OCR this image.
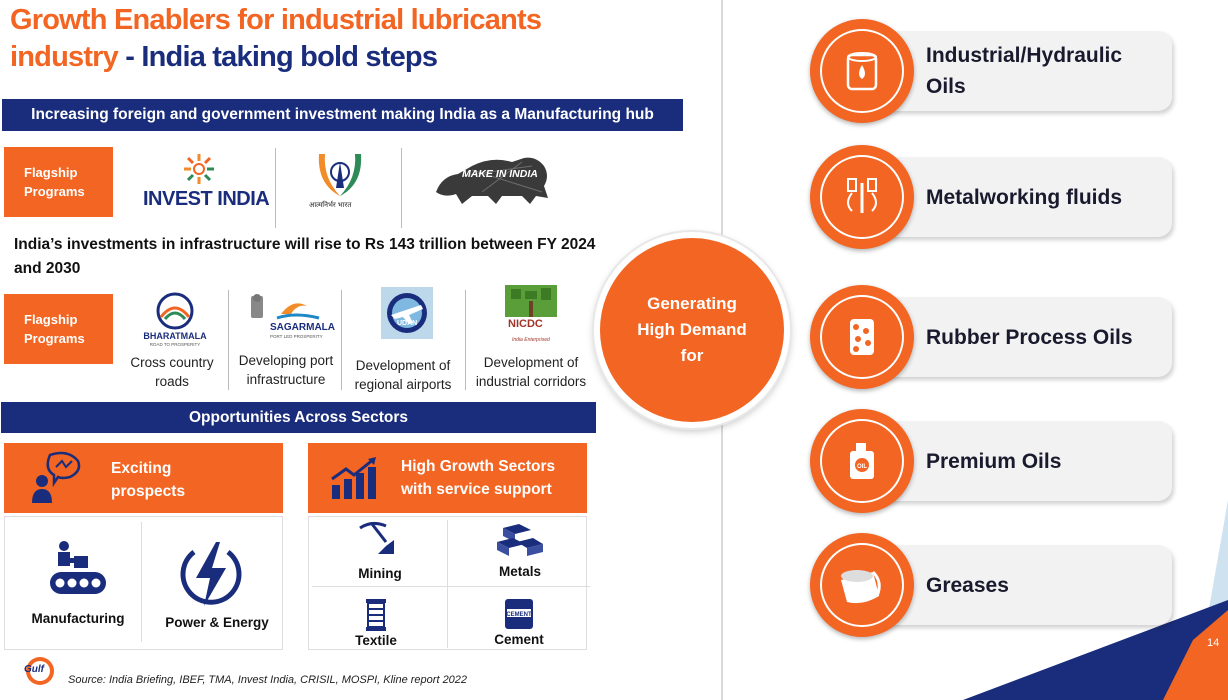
14
Growth Enablers for industrial lubricants
industry - India taking bold steps
Increasing foreign and government investment making India as a Manufacturing hub
Flagship Programs	INVEST INDIA	आत्मनिर्भर भारत
MAKE IN INDIA
India’s investments in infrastructure will rise to Rs 143 trillion between FY 2024 and 2030
Flagship Programs	BHARATMALA
ROAD TO PROSPERITY
Cross country roads
SAGARMALA
PORT LED PROSPERITY
Developing port infrastructure
UDAN
Development of regional airports
NICDC
India Enterprised
Development of industrial corridors
Opportunities Across Sectors
Exciting prospects
Manufacturing	Power & Energy
High Growth Sectors with service support
Mining	Metals
Textile
CEMENT
Cement
Gulf
Source: India Briefing, IBEF, TMA, Invest India, CRISIL, MOSPI, Kline report 2022
Generating High Demand for
Industrial/Hydraulic Oils
Metalworking fluids
Rubber Process Oils
Premium Oils
OIL
Greases
